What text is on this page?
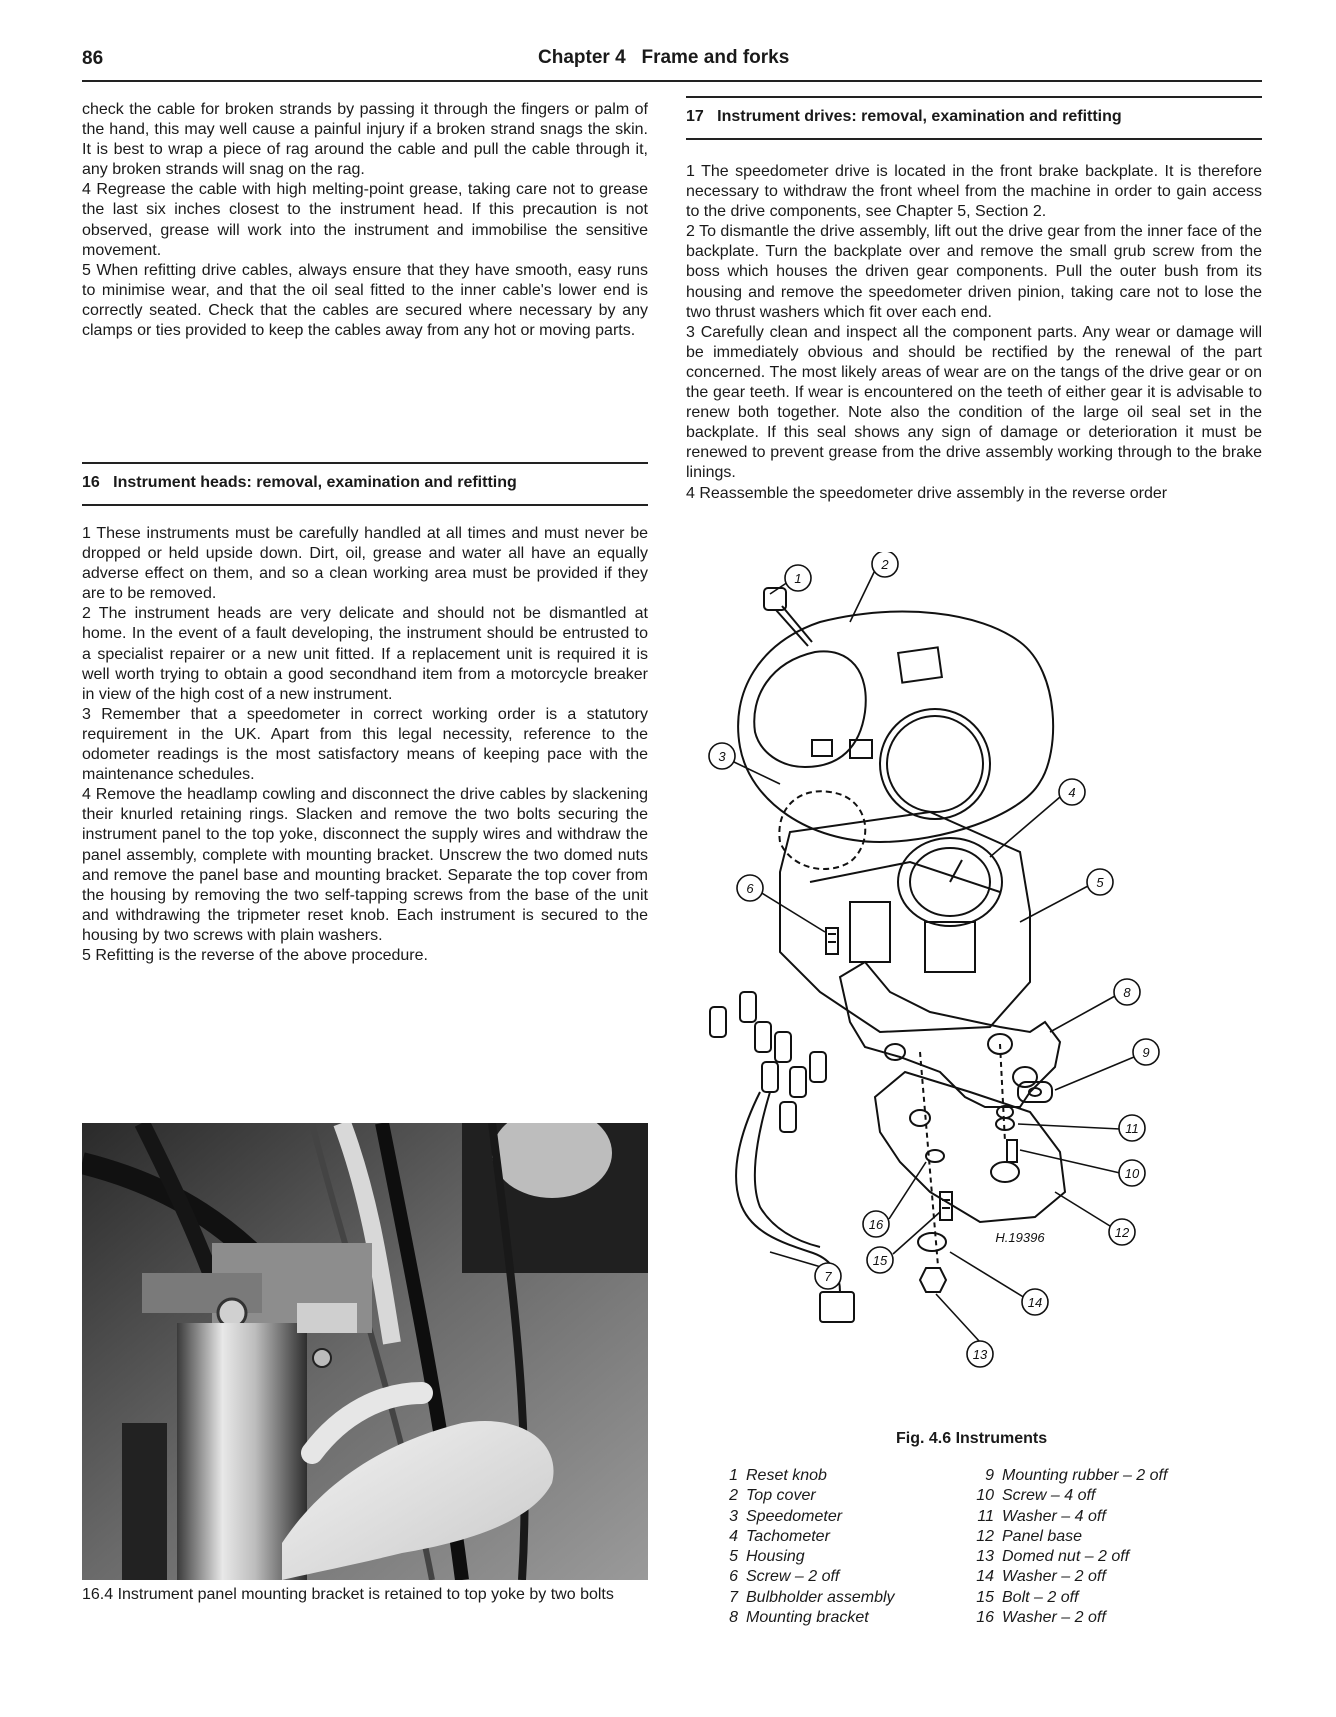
86	Chapter 4   Frame and forks

check the cable for broken strands by passing it through the fingers or palm of the hand, this may well cause a painful injury if a broken strand snags the skin. It is best to wrap a piece of rag around the cable and pull the cable through it, any broken strands will snag on the rag.

4 Regrease the cable with high melting-point grease, taking care not to grease the last six inches closest to the instrument head. If this precaution is not observed, grease will work into the instrument and immobilise the sensitive movement.

5 When refitting drive cables, always ensure that they have smooth, easy runs to minimise wear, and that the oil seal fitted to the inner cable's lower end is correctly seated. Check that the cables are secured where necessary by any clamps or ties provided to keep the cables away from any hot or moving parts.

16   Instrument heads: removal, examination and refitting

1 These instruments must be carefully handled at all times and must never be dropped or held upside down. Dirt, oil, grease and water all have an equally adverse effect on them, and so a clean working area must be provided if they are to be removed.

2 The instrument heads are very delicate and should not be dismantled at home. In the event of a fault developing, the instrument should be entrusted to a specialist repairer or a new unit fitted. If a replacement unit is required it is well worth trying to obtain a good secondhand item from a motorcycle breaker in view of the high cost of a new instrument.

3 Remember that a speedometer in correct working order is a statutory requirement in the UK. Apart from this legal necessity, reference to the odometer readings is the most satisfactory means of keeping pace with the maintenance schedules.

4 Remove the headlamp cowling and disconnect the drive cables by slackening their knurled retaining rings. Slacken and remove the two bolts securing the instrument panel to the top yoke, disconnect the supply wires and withdraw the panel assembly, complete with mounting bracket. Unscrew the two domed nuts and remove the panel base and mounting bracket. Separate the top cover from the housing by removing the two self-tapping screws from the base of the unit and withdrawing the tripmeter reset knob. Each instrument is secured to the housing by two screws with plain washers.

5 Refitting is the reverse of the above procedure.

17   Instrument drives: removal, examination and refitting

1 The speedometer drive is located in the front brake backplate. It is therefore necessary to withdraw the front wheel from the machine in order to gain access to the drive components, see Chapter 5, Section 2.

2 To dismantle the drive assembly, lift out the drive gear from the inner face of the backplate. Turn the backplate over and remove the small grub screw from the boss which houses the driven gear components. Pull the outer bush from its housing and remove the speedometer driven pinion, taking care not to lose the two thrust washers which fit over each end.

3 Carefully clean and inspect all the component parts. Any wear or damage will be immediately obvious and should be rectified by the renewal of the part concerned. The most likely areas of wear are on the tangs of the drive gear or on the gear teeth. If wear is encountered on the teeth of either gear it is advisable to renew both together. Note also the condition of the large oil seal set in the backplate. If this seal shows any sign of damage or deterioration it must be renewed to prevent grease from the drive assembly working through to the brake linings.

4 Reassemble the speedometer drive assembly in the reverse order

16.4 Instrument panel mounting bracket is retained to top yoke by two bolts
1
2
3
4
5
6
7
8
9
10
11
12
13
14
15
16
H.19396
Fig. 4.6 Instruments
1 Reset knob
2 Top cover
3 Speedometer
4 Tachometer
5 Housing
6 Screw – 2 off
7 Bulbholder assembly
8 Mounting bracket
9 Mounting rubber – 2 off
10 Screw – 4 off
11 Washer – 4 off
12 Panel base
13 Domed nut – 2 off
14 Washer – 2 off
15 Bolt – 2 off
16 Washer – 2 off
